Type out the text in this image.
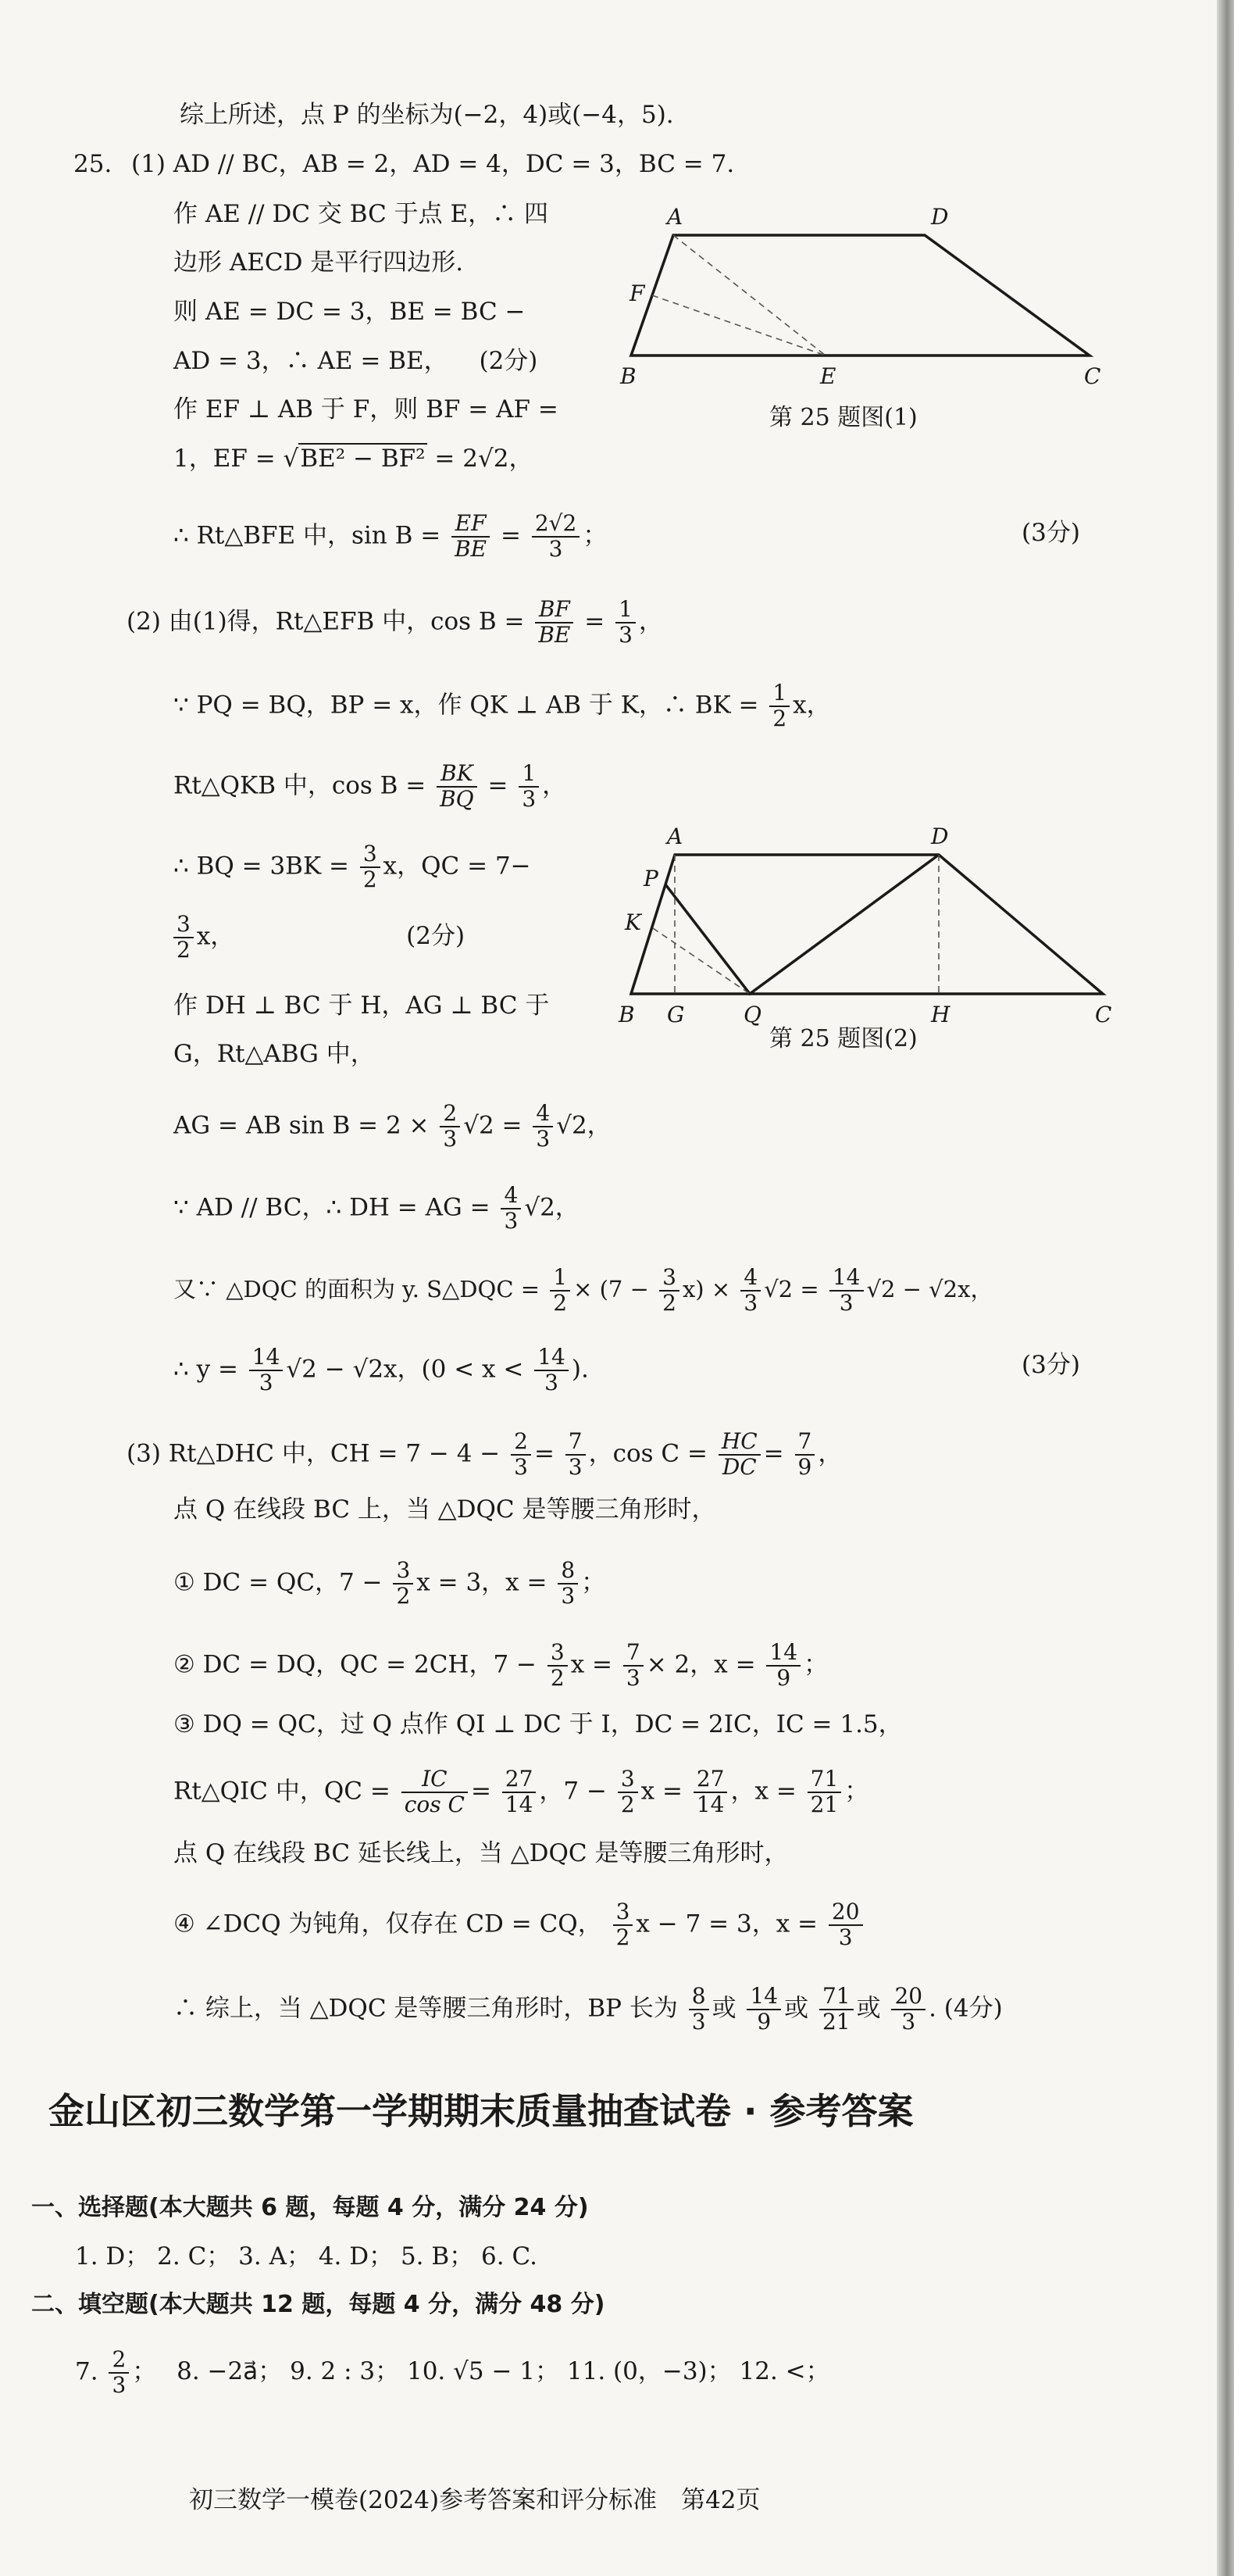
综上所述，点 P 的坐标为(−2，4)或(−4，5).
25. (1) AD // BC，AB = 2，AD = 4，DC = 3，BC = 7.
作 AE // DC 交 BC 于点 E，∴ 四
边形 AECD 是平行四边形.
则 AE = DC = 3，BE = BC −
AD = 3，∴ AE = BE， (2分)
作 EF ⊥ AB 于 F，则 BF = AF =
1，EF = √BE² − BF² = 2√2，
A	D
F
B	E	C
第 25 题图(1)
∴ Rt△BFE 中，$\sin B = \frac{EF}{BE} = \frac{2√2}{3}$ ；	(3分)
(2) 由(1)得，Rt△EFB 中，$\cos B = \frac{BF}{BE} = \frac{1}{3}$ ，
∵ PQ = BQ，BP = x，作 QK ⊥ AB 于 K，∴ BK = $\frac{1}{2}$ x，
Rt△QKB 中，$\cos B = \frac{BK}{BQ} = \frac{1}{3}$ ，
∴ BQ = $3BK = \frac{3}{2}$ x，QC = 7−
$\frac{3}{2}$ x，	(2分)
A	D
P
K
B G	Q	H	C
第 25 题图(2)
作 DH ⊥ BC 于 H，AG ⊥ BC 于
G，Rt△ABG 中，
AG = AB $\sin B = 2 \times \frac{2}{3} √2 = \frac{4}{3} √2$，
∵ AD // BC，∴ DH = AG = $\frac{4}{3} √2$，
又∵ △DQC 的面积为 y. S△DQC = $\frac{1}{2} \times (7 - \frac{3}{2} x) \times \frac{4}{3} √2 = \frac{14}{3} √2 - √2x$，
∴ $y = \frac{14}{3} √2 - √2x$，($0 < x < \frac{14}{3}$ ).	(3分)
(3) Rt△DHC 中，CH = $7 - 4 - \frac{2}{3} = \frac{7}{3}$ ，$\cos C = \frac{HC}{DC} = \frac{7}{9}$ ，
点 Q 在线段 BC 上，当 △DQC 是等腰三角形时，
① DC = QC，$7 - \frac{3}{2}$ x = 3，$x = \frac{8}{3}$ ；
② DC = DQ，QC = 2CH，$7 - \frac{3}{2}$ $x = \frac{7}{3} \times 2$，$x = \frac{14}{9}$ ；
③ DQ = QC，过 Q 点作 QI ⊥ DC 于 I，DC = 2IC，IC = 1.5，
Rt△QIC 中，QC = $\frac{IC}{\text{cos C}} = \frac{27}{14}$ ，$7 - \frac{3}{2}$ $x = \frac{27}{14}$ ，$x = \frac{71}{21}$ ；
点 Q 在线段 BC 延长线上，当 △DQC 是等腰三角形时，
④ ∠DCQ 为钝角，仅存在 CD = CQ， $\frac{3}{2}$ x − 7 = 3，$x = \frac{20}{3}$
∴ 综上，当 △DQC 是等腰三角形时，BP 长为 $\frac{8}{3}$ 或 $\frac{14}{9}$ 或 $\frac{71}{21}$ 或 $\frac{20}{3}$ . (4分)
金山区初三数学第一学期期末质量抽查试卷 · 参考答案
一、选择题(本大题共 6 题，每题 4 分，满分 24 分)
1. D； 2. C； 3. A； 4. D； 5. B； 6. C.
二、填空题(本大题共 12 题，每题 4 分，满分 48 分)
7. $\frac{2}{3}$ ； 8. −2a⃗； 9. 2 : 3； 10. √5 − 1； 11. (0，−3)； 12. <；
初三数学一模卷(2024)参考答案和评分标准　第42页
